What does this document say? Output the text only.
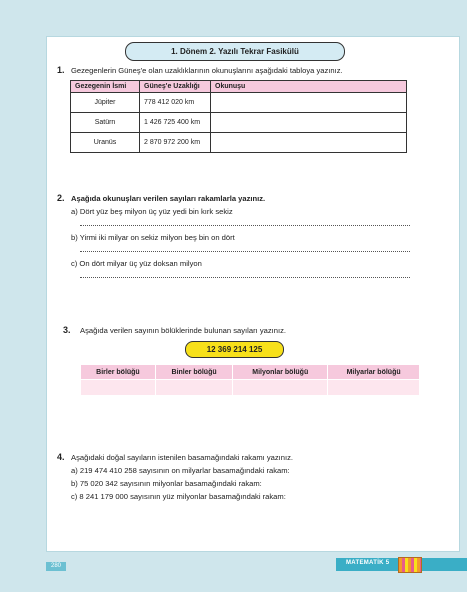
1. Dönem 2. Yazılı Tekrar Fasikülü
1. Gezegenlerin Güneş'e olan uzaklıklarının okunuşlarını aşağıdaki tabloya yazınız.
Gezegenin İsmi	Güneş'e Uzaklığı	Okunuşu
Jüpiter	778 412 020 km	
Satürn	1 426 725 400 km	
Uranüs	2 870 972 200 km	
2. Aşağıda okunuşları verilen sayıları rakamlarla yazınız.
a) Dört yüz beş milyon üç yüz yedi bin kırk sekiz
b) Yirmi iki milyar on sekiz milyon beş bin on dört
c) On dört milyar üç yüz doksan milyon
3. Aşağıda verilen sayının bölüklerinde bulunan sayıları yazınız.
12 369 214 125
Birler bölüğü	Binler bölüğü	Milyonlar bölüğü	Milyarlar bölüğü

4. Aşağıdaki doğal sayıların istenilen basamağındaki rakamı yazınız.
a) 219 474 410 258 sayısının on milyarlar basamağındaki rakam:
b) 75 020 342 sayısının milyonlar basamağındaki rakam:
c) 8 241 179 000 sayısının yüz milyonlar basamağındaki rakam:
280	MATEMATİK 5
